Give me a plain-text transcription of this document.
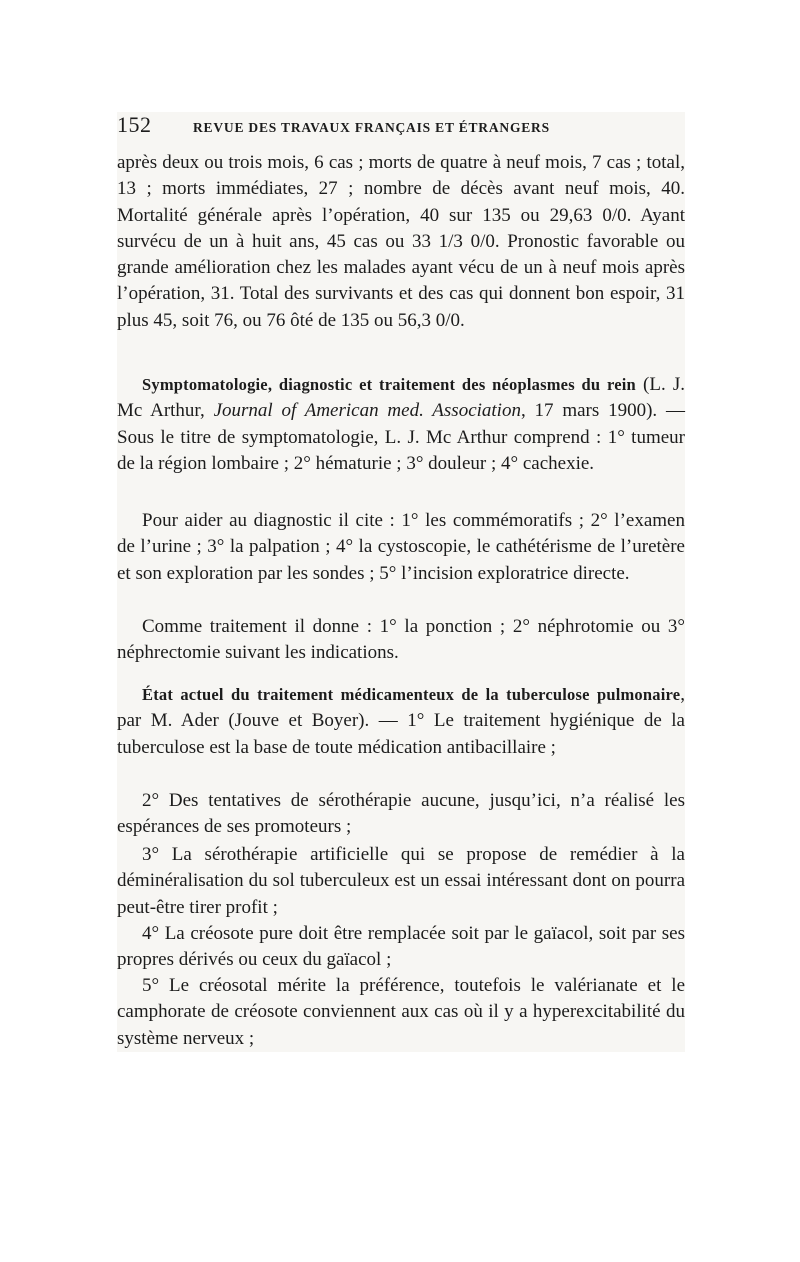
152	REVUE DES TRAVAUX FRANÇAIS ET ÉTRANGERS

après deux ou trois mois, 6 cas ; morts de quatre à neuf mois, 7 cas ; total, 13 ; morts immédiates, 27 ; nombre de décès avant neuf mois, 40. Mortalité générale après l’opération, 40 sur 135 ou 29,63 0/0. Ayant survécu de un à huit ans, 45 cas ou 33 1/3 0/0. Pronostic favorable ou grande amélioration chez les malades ayant vécu de un à neuf mois après l’opération, 31. Total des survivants et des cas qui donnent bon espoir, 31 plus 45, soit 76, ou 76 ôté de 135 ou 56,3 0/0.

Symptomatologie, diagnostic et traitement des néoplasmes du rein (L. J. Mc Arthur, Journal of American med. Association, 17 mars 1900). — Sous le titre de symptomatologie, L. J. Mc Arthur comprend : 1° tumeur de la région lombaire ; 2° hématurie ; 3° douleur ; 4° cachexie.

Pour aider au diagnostic il cite : 1° les commémoratifs ; 2° l’examen de l’urine ; 3° la palpation ; 4° la cystoscopie, le cathétérisme de l’uretère et son exploration par les sondes ; 5° l’incision exploratrice directe.

Comme traitement il donne : 1° la ponction ; 2° néphrotomie ou 3° néphrectomie suivant les indications.

État actuel du traitement médicamenteux de la tuberculose pulmonaire, par M. Ader (Jouve et Boyer). — 1° Le traitement hygiénique de la tuberculose est la base de toute médication antibacillaire ;

2° Des tentatives de sérothérapie aucune, jusqu’ici, n’a réalisé les espérances de ses promoteurs ;

3° La sérothérapie artificielle qui se propose de remédier à la déminéralisation du sol tuberculeux est un essai intéressant dont on pourra peut-être tirer profit ;

4° La créosote pure doit être remplacée soit par le gaïacol, soit par ses propres dérivés ou ceux du gaïacol ;

5° Le créosotal mérite la préférence, toutefois le valérianate et le camphorate de créosote conviennent aux cas où il y a hyperexcitabilité du système nerveux ;
